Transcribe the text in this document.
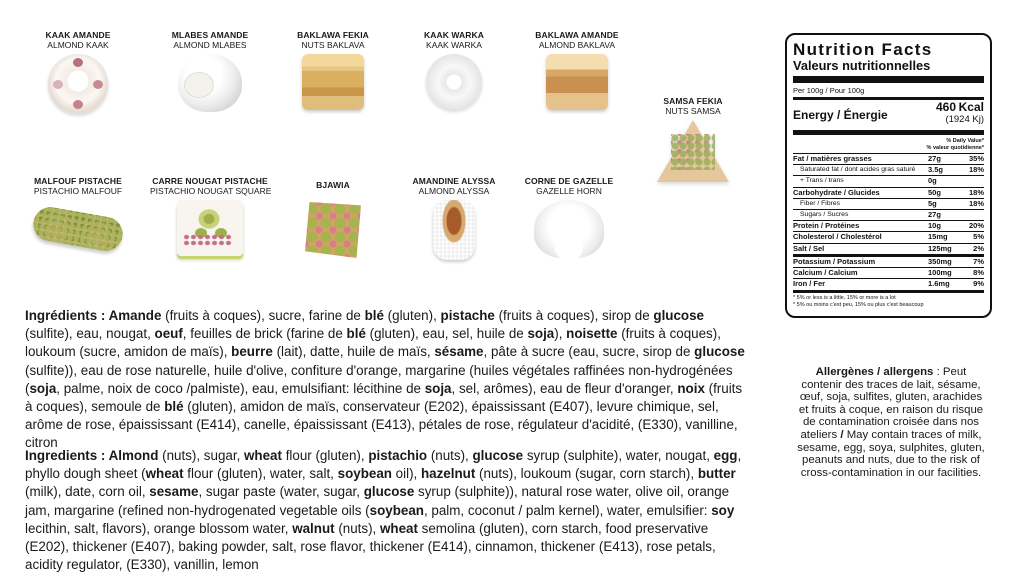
KAAK AMANDE
ALMOND KAAK
MLABES AMANDE
ALMOND MLABES
BAKLAWA FEKIA
NUTS BAKLAVA
KAAK WARKA
KAAK WARKA
BAKLAWA AMANDE
ALMOND BAKLAVA
SAMSA FEKIA
NUTS SAMSA
MALFOUF PISTACHE
PISTACHIO MALFOUF
CARRE NOUGAT PISTACHE
PISTACHIO NOUGAT SQUARE
BJAWIA	AMANDINE ALYSSA
ALMOND ALYSSA
CORNE DE GAZELLE
GAZELLE HORN
Ingrédients : Amande (fruits à coques), sucre, farine de blé (gluten), pistache (fruits à coques), sirop de glucose (sulfite), eau, nougat, oeuf, feuilles de brick (farine de blé (gluten), eau, sel, huile de soja), noisette (fruits à coques), loukoum (sucre, amidon de maïs), beurre (lait), datte, huile de maïs, sésame, pâte à sucre (eau, sucre, sirop de glucose (sulfite)), eau de rose naturelle, huile d'olive, confiture d'orange, margarine (huiles végétales raffinées non-hydrogénées (soja, palme, noix de coco /palmiste), eau, emulsifiant: lécithine de soja, sel, arômes), eau de fleur d'oranger, noix (fruits à coques), semoule de blé (gluten), amidon de maïs, conservateur (E202), épaississant (E407), levure chimique, sel, arôme de rose, épaississant (E414), canelle, épaississant (E413), pétales de rose, régulateur d'acidité, (E330), vanilline, citron
Ingredients : Almond (nuts), sugar, wheat flour (gluten), pistachio (nuts), glucose syrup (sulphite), water, nougat, egg, phyllo dough sheet (wheat flour (gluten), water, salt, soybean oil), hazelnut (nuts), loukoum (sugar, corn starch), butter (milk), date, corn oil, sesame, sugar paste (water, sugar, glucose syrup (sulphite)), natural rose water, olive oil, orange jam, margarine (refined non-hydrogenated vegetable oils (soybean, palm, coconut / palm kernel), water, emulsifier: soy lecithin, salt, flavors), orange blossom water, walnut (nuts), wheat semolina (gluten), corn starch, food preservative (E202), thickener (E407), baking powder, salt, rose flavor, thickener (E414), cinnamon, thickener (E413), rose petals, acidity regulator, (E330), vanillin, lemon
Nutrition Facts
Valeurs nutritionnelles
Per 100g / Pour 100g
Energy / Énergie
460 Kcal
(1924 Kj)
% Daily Value*
% valeur quotidienne*
Fat / matières grasses	27g	35%
Saturated fat / dont acides gras saturé	3.5g	18%
+ Trans / trans	0g
Carbohydrate / Glucides	50g	18%
Fiber / Fibres	5g	18%
Sugars / Sucres	27g
Protein / Protéines	10g	20%
Cholesterol / Cholestérol	15mg	5%
Salt / Sel	125mg	2%
Potassium / Potassium	350mg	7%
Calcium / Calcium	100mg	8%
Iron / Fer	1.6mg	9%
* 5% or less is a little, 15% or more is a lot
* 5% ou moins c'est peu, 15% ou plus c'est beaucoup
Allergènes / allergens : Peut contenir des traces de lait, sésame, œuf, soja, sulfites, gluten, arachides et fruits à coque, en raison du risque de contamination croisée dans nos ateliers / May contain traces of milk, sesame, egg, soya, sulphites, gluten, peanuts and nuts, due to the risk of cross-contamination in our facilities.
